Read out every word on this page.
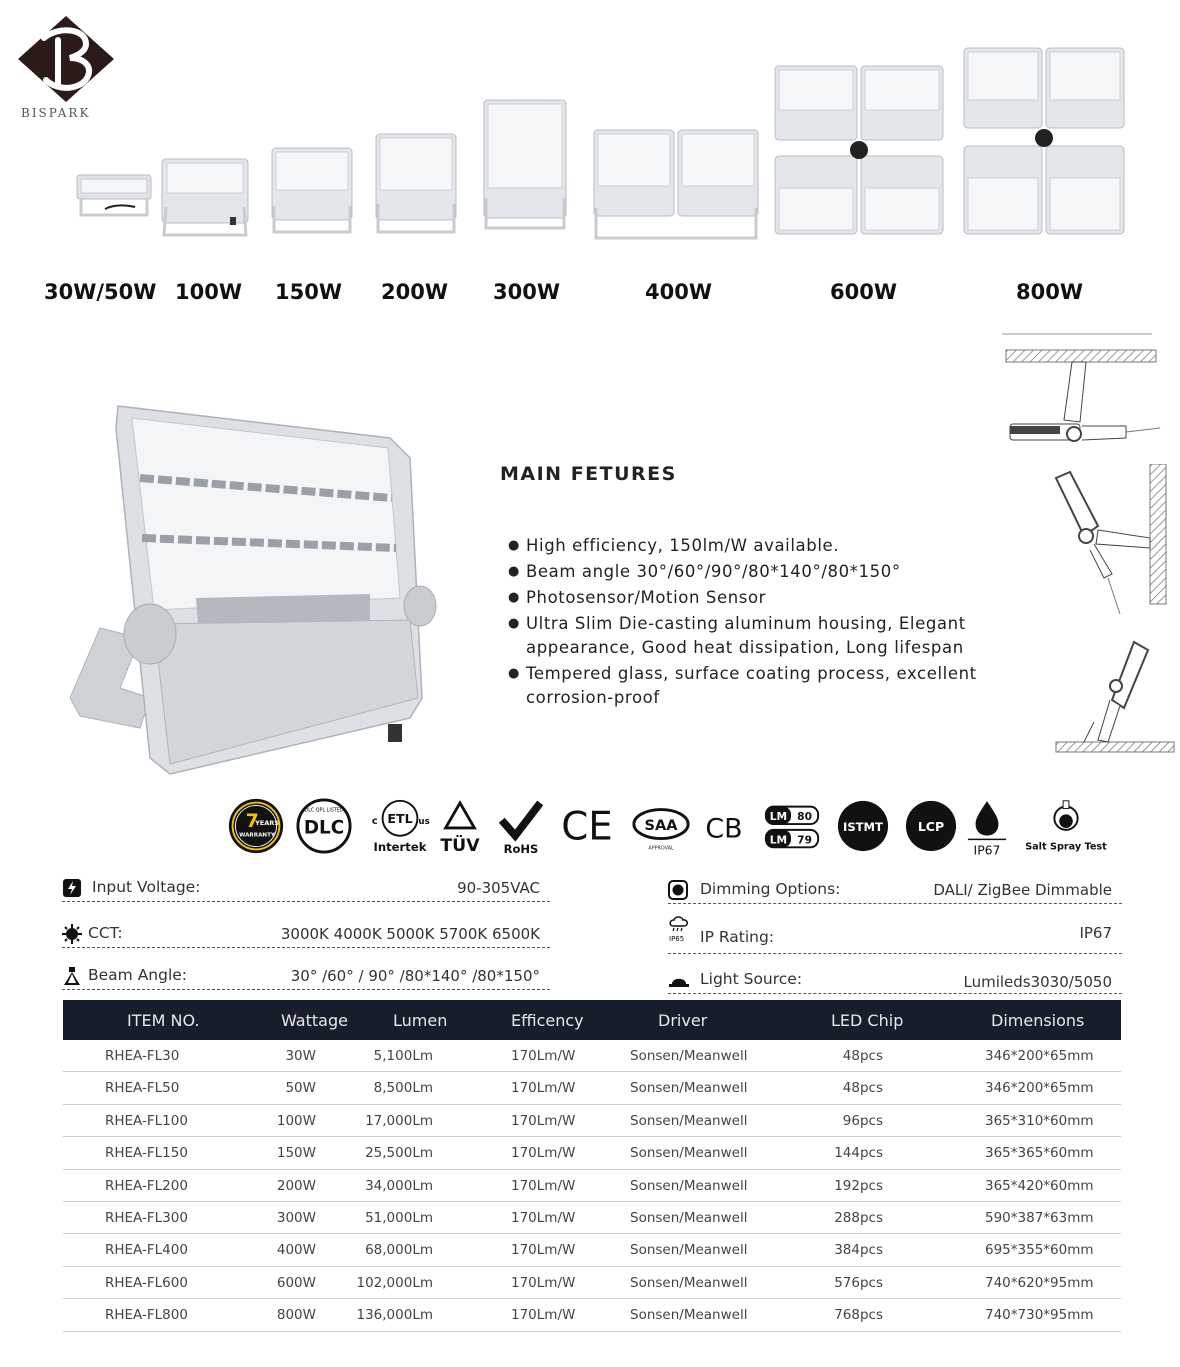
BISPARK
30W/50W 100W 150W 200W 300W	400W	600W	800W
MAIN FETURES
● High efficiency, 150lm/W available.
● Beam angle 30°/60°/90°/80*140°/80*150°
● Photosensor/Motion Sensor
● Ultra Slim Die-casting aluminum housing, Elegant appearance, Good heat dissipation, Long lifespan
● Tempered glass, surface coating process, excellent corrosion-proof
7
YEARS
WARRANTY
DLC QPL LISTED
DLC	ETL
c	us
Intertek TÜV RoHS CE SAA
APPROVAL
CB LM 80
LM 79
ISTMT	LCP
IP67 Salt Spray Test
Input Voltage:	90-305VAC
CCT:	3000K 4000K 5000K 5700K 6500K
Beam Angle:	30° /60° / 90° /80*140° /80*150°
Dimming Options:	DALI/ ZigBee Dimmable
IP65 IP Rating:	IP67
Light Source:	Lumileds3030/5050
ITEM NO.	Wattage	Lumen	Efficency	Driver	LED Chip	Dimensions
RHEA-FL30	30W	5,100Lm	170Lm/W	Sonsen/Meanwell	48pcs	346*200*65mm
RHEA-FL50	50W	8,500Lm	170Lm/W	Sonsen/Meanwell	48pcs	346*200*65mm
RHEA-FL100	100W	17,000Lm	170Lm/W	Sonsen/Meanwell	96pcs	365*310*60mm
RHEA-FL150	150W	25,500Lm	170Lm/W	Sonsen/Meanwell	144pcs	365*365*60mm
RHEA-FL200	200W	34,000Lm	170Lm/W	Sonsen/Meanwell	192pcs	365*420*60mm
RHEA-FL300	300W	51,000Lm	170Lm/W	Sonsen/Meanwell	288pcs	590*387*63mm
RHEA-FL400	400W	68,000Lm	170Lm/W	Sonsen/Meanwell	384pcs	695*355*60mm
RHEA-FL600	600W	102,000Lm	170Lm/W	Sonsen/Meanwell	576pcs	740*620*95mm
RHEA-FL800	800W	136,000Lm	170Lm/W	Sonsen/Meanwell	768pcs	740*730*95mm
